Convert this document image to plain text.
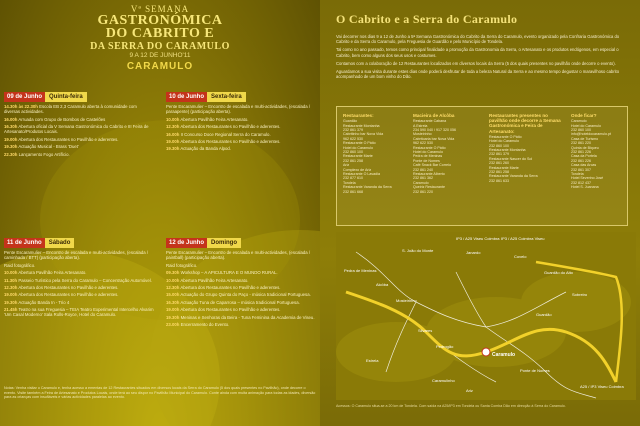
Vª SEMANA
GASTRONÓMICA
DO CABRITO E
DA SERRA DO CARAMULO
9 A 12 DE JUNHO'11
CARAMULO
09 de Junho	Quinta-feira
14.30h às 22.30h Escola EB 2,3 Caramulo aberta à comunidade com diversas actividades.
16.00h Arruada com Grupo de Bombos de Castelões
16.30h Abertura oficial da V Semana Gastronómica do Cabrito e III Feira de Artesanato/Produtos Locais.
19.00h Abertura dos Restaurantes no Pavilhão e aderentes.
19.30h Actuação Musical - Brass 'Duet'
22.30h Lançamento Fogo Artifício.
10 de Junho	Sexta-feira
Pente Escaramulier – Encontro de escalada e multi-actividades, (escalada / paraapente) (participação aberta).
10.00h Abertura Pavilhão Feira Artesanato.
12.30h Abertura dos Restaurantes no Pavilhão e aderentes.
16.00h II Concurso Doce Regional Serra do Caramulo.
19.00h Abertura dos Restaurantes no Pavilhão e aderentes.
19.30h Actuação da Banda Alpod.
11 de Junho	Sábado
Pente Escaramulier – Encontro de escalada e multi-actividades, (escalada / caminhada / BTT) (participação aberta).
Raid fotográfico.
10.00h Abertura Pavilhão Feira Artesanato.
11.30h Passeio Turístico pela Serra do Caramulo – Concentração Automóvel.
12.30h Abertura dos Restaurantes no Pavilhão e aderentes.
19.00h Abertura dos Restaurantes no Pavilhão e aderentes.
19.30h Actuação Banda In - Trio 4
21.45h Teatro na sua Freguesia – TEIA Teatro Experimental Intercelho Alvarim 'Um Casal Moderno' Sala Rolls-Royce, Hotel do Caramulo.
12 de Junho	Domingo
Pente Escaramulier – Encontro de escalada e multi-actividades, (escalada / paintball) (participação aberta).
Raid fotográfico.
09.30h Workshop – A APICULTURA E O MUNDO RURAL.
10.00h Abertura Pavilhão Feira Artesanato.
12.30h Abertura dos Restaurantes no Pavilhão e aderentes.
15.00h Actuação do Grupo Quinta do Paço - música tradicional Portuguesa.
16.30h Actuação Tuna de Caparrosa – música tradicional Portuguesa.
19.00h Abertura dos Restaurantes no Pavilhão e aderentes.
19.30h Meninas e Senhoras da Beira - Tuna Feminina da Academia de Viseu.
23.00h Encerramento do Evento.
Notas: Venha visitar o Caramulo e, tenha acesso a ementas de 12 Restaurantes situados em diversos locais da Serra do Caramulo (5 dos quais presentes no Pavilhão), onde decorre o evento. Visite também a Feira de Artesanato e Produtos Locais, onde terá ao seu dispor no Pavilhão Municipal do Caramulo. Conte ainda com muita animação para todas as idades, diversão para as crianças com insufláveis e várias actividades paralelas ao evento.
O Cabrito e a Serra do Caramulo

Vai decorrer nos dias 9 a 12 de Junho a 5ª Semana Gastronómica do Cabrito da Serra do Caramulo, evento organizado pela Confraria Gastronómica do Cabrito e da Serra do Caramulo, pela Freguesia de Guardão e pelo Município de Tondela.

Tal como no ano passado, temos como principal finalidade a promoção da Gastronomia da Serra, o Artesanato e os produtos endógenos, em especial o Cabrito, bem como alguns dos seus usos e costumes.

Contamos com a colaboração de 12 Restaurantes localizados em diversos locais da Serra (5 dos quais presentes no pavilhão onde decorre o evento).

Aguardamos a sua visita durante estes dias onde poderá desfrutar de toda a beleza Natural da Serra e ao mesmo tempo degustar o maravilhoso cabrito acompanhado de um bom vinho do Dão.

Restaurantes:
Guardão
Restaurante Montanha
232 861 379
Cabritinho bar Nova Vida
962 622 530
Restaurante O Pátio
Hotel do Caramulo
232 860 100
Restaurante Marte
232 861 258
Ariz
Complexo de Ariz
Restaurante O Lavadia
232 877 610
Tondela
Restaurante Varanda da Serra
232 861 668
Macieira de Alcôba
Restaurante Cabana
A Estrela
234 590 040 / 917 320 056
Mosteirinho
Cabritoaria bar Nova Vida
962 622 530
Restaurante O Pátio
Hotel do Caramulo
Pedra de Meninas
Ponte de Nomes
Café Snack Bar Correio
232 861 240
Restaurante Alberto
232 861 362
Caramulo
Queiriz Restaurante
232 861 220
Restaurantes presentes no pavilhão onde decorre a Semana Gastronómica e Feira de Artesanato:
Restaurante O Pátio
Hotel do Caramulo
232 860 100
Restaurante Montanha
232 861 379
Restaurante Nascer do Sol
232 861 260
Restaurante Marte
232 861 258
Restaurante Varanda da Serra
232 861 633
Onde ficar?
Caramulo
Hotel do Caramulo
232 860 100
info@hoteldocaramulo.pt
Casa de Turismo
232 861 220
Quinta de Biqueu
232 861 226
Casa da Portela
232 861 226
Casa das Arcas
232 861 307
Tondela
Hotel Severino José
232 812 437
Hotel S. Juanana
IP3 / A25 Viseu Coimbra IP3 / A25 Coimbra Viseu
S. João do Monte	Janardo
Covelo
Pedra de Meninas	Guardão do Alto
Alcôba
Mosteirinho
Caramulo
Guardão
Pedrogão
Silvares
Estrela
Sobreiro
Caramulinho
A25 / IP3 Viseu Coimbra
Ponte de Nomes
Ariz
Acessos: O Caramulo situa-se a 20 km de Tondela. Com saída na A25/IP3 em Tondela ou Santa Comba Dão em direcção à Serra do Caramulo.
